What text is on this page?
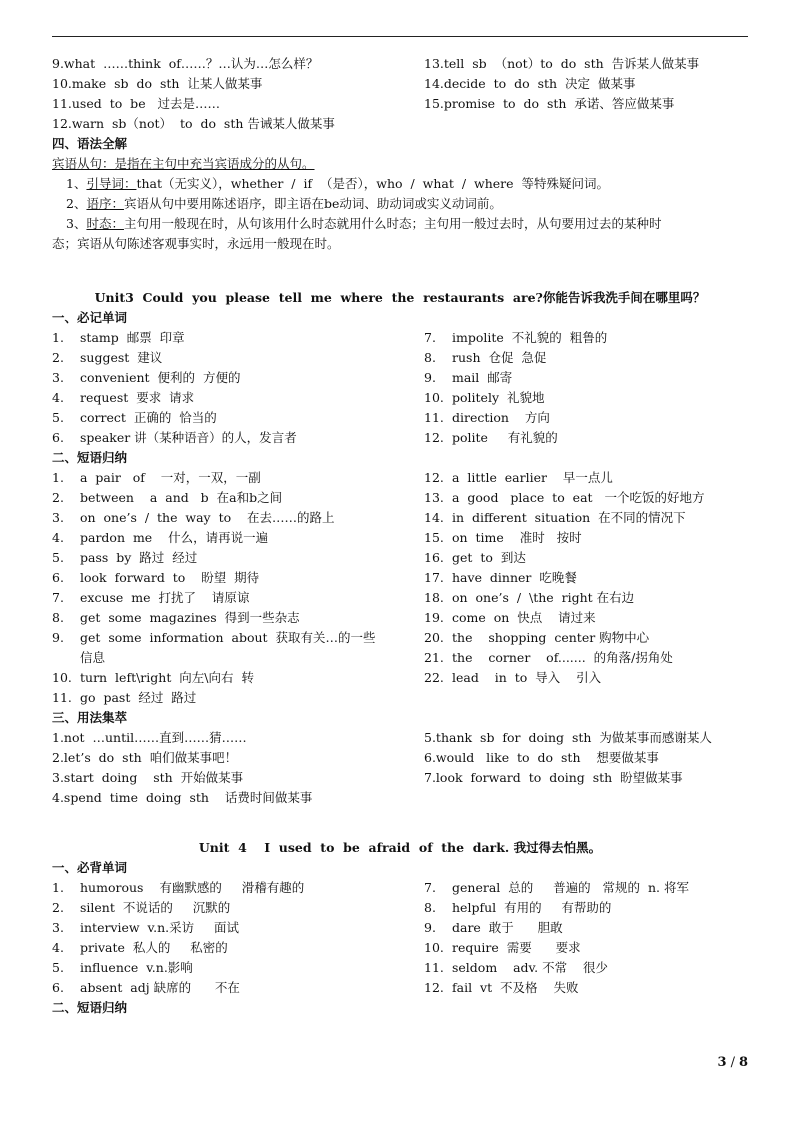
9.what  ……think  of……？…认为…怎么样？	13.tell  sb  （not）to  do  sth  告诉某人做某事
10.make  sb  do  sth  让某人做某事	14.decide  to  do  sth  决定  做某事
11.used  to  be   过去是……	15.promise  to  do  sth  承诺、答应做某事
12.warn  sb（not）  to  do  sth 告诫某人做某事
四、语法全解
宾语从句：是指在主句中充当宾语成分的从句。
1、引导词：that（无实义），whether  /  if  （是否），who  /  what  /  where  等特殊疑问词。
2、语序：宾语从句中要用陈述语序，即主语在be动词、助动词或实义动词前。
3、时态：主句用一般现在时，从句该用什么时态就用什么时态；主句用一般过去时，从句要用过去的某种时
态；宾语从句陈述客观事实时，永远用一般现在时。
Unit3  Could  you  please  tell  me  where  the  restaurants  are?你能告诉我洗手间在哪里吗？
一、必记单词
1.	stamp  邮票  印章
2.	suggest  建议
3.	convenient  便利的  方便的
4.	request  要求  请求
5.	correct  正确的  恰当的
6.	speaker 讲（某种语音）的人，发言者
7.	impolite  不礼貌的  粗鲁的
8.	rush  仓促  急促
9.	mail  邮寄
10. politely  礼貌地
11. direction    方向
12. polite     有礼貌的
二、短语归纳
1.	a  pair   of    一对，一双，一副
2.	between    a  and   b  在a和b之间
3.	on  one’s  /  the  way  to    在去……的路上
4.	pardon  me    什么，请再说一遍
5.	pass  by  路过  经过
6.	look  forward  to    盼望  期待
7.	excuse  me  打扰了    请原谅
8.	get  some  magazines  得到一些杂志
9.	get  some  information  about  获取有关…的一些
信息
10. turn  left\right  向左\向右  转
11. go  past  经过  路过
12. a  little  earlier    早一点儿
13. a  good   place  to  eat   一个吃饭的好地方
14. in  different  situation  在不同的情况下
15. on  time    准时   按时
16. get  to  到达
17. have  dinner  吃晚餐
18. on  one’s  /  \the  right 在右边
19. come  on  快点    请过来
20. the    shopping  center 购物中心
21. the    corner    of.......  的角落/拐角处
22. lead    in  to  导入    引入
三、用法集萃
1.not  …until……直到……猜……	5.thank  sb  for  doing  sth  为做某事而感谢某人
2.let’s  do  sth  咱们做某事吧！	6.would   like  to  do  sth    想要做某事
3.start  doing    sth  开始做某事	7.look  forward  to  doing  sth  盼望做某事
4.spend  time  doing  sth    话费时间做某事
Unit  4    I  used  to  be  afraid  of  the  dark. 我过得去怕黑。
一、必背单词
1.	humorous    有幽默感的     滑稽有趣的
2.	silent  不说话的     沉默的
3.	interview  v.n.采访     面试
4.	private  私人的     私密的
5.	influence  v.n.影响
6.	absent  adj 缺席的      不在
7.	general  总的     普遍的   常规的  n. 将军
8.	helpful  有用的     有帮助的
9.	dare  敢于      胆敢
10. require  需要      要求
11. seldom    adv. 不常    很少
12. fail  vt  不及格    失败
二、短语归纳
3 / 8
